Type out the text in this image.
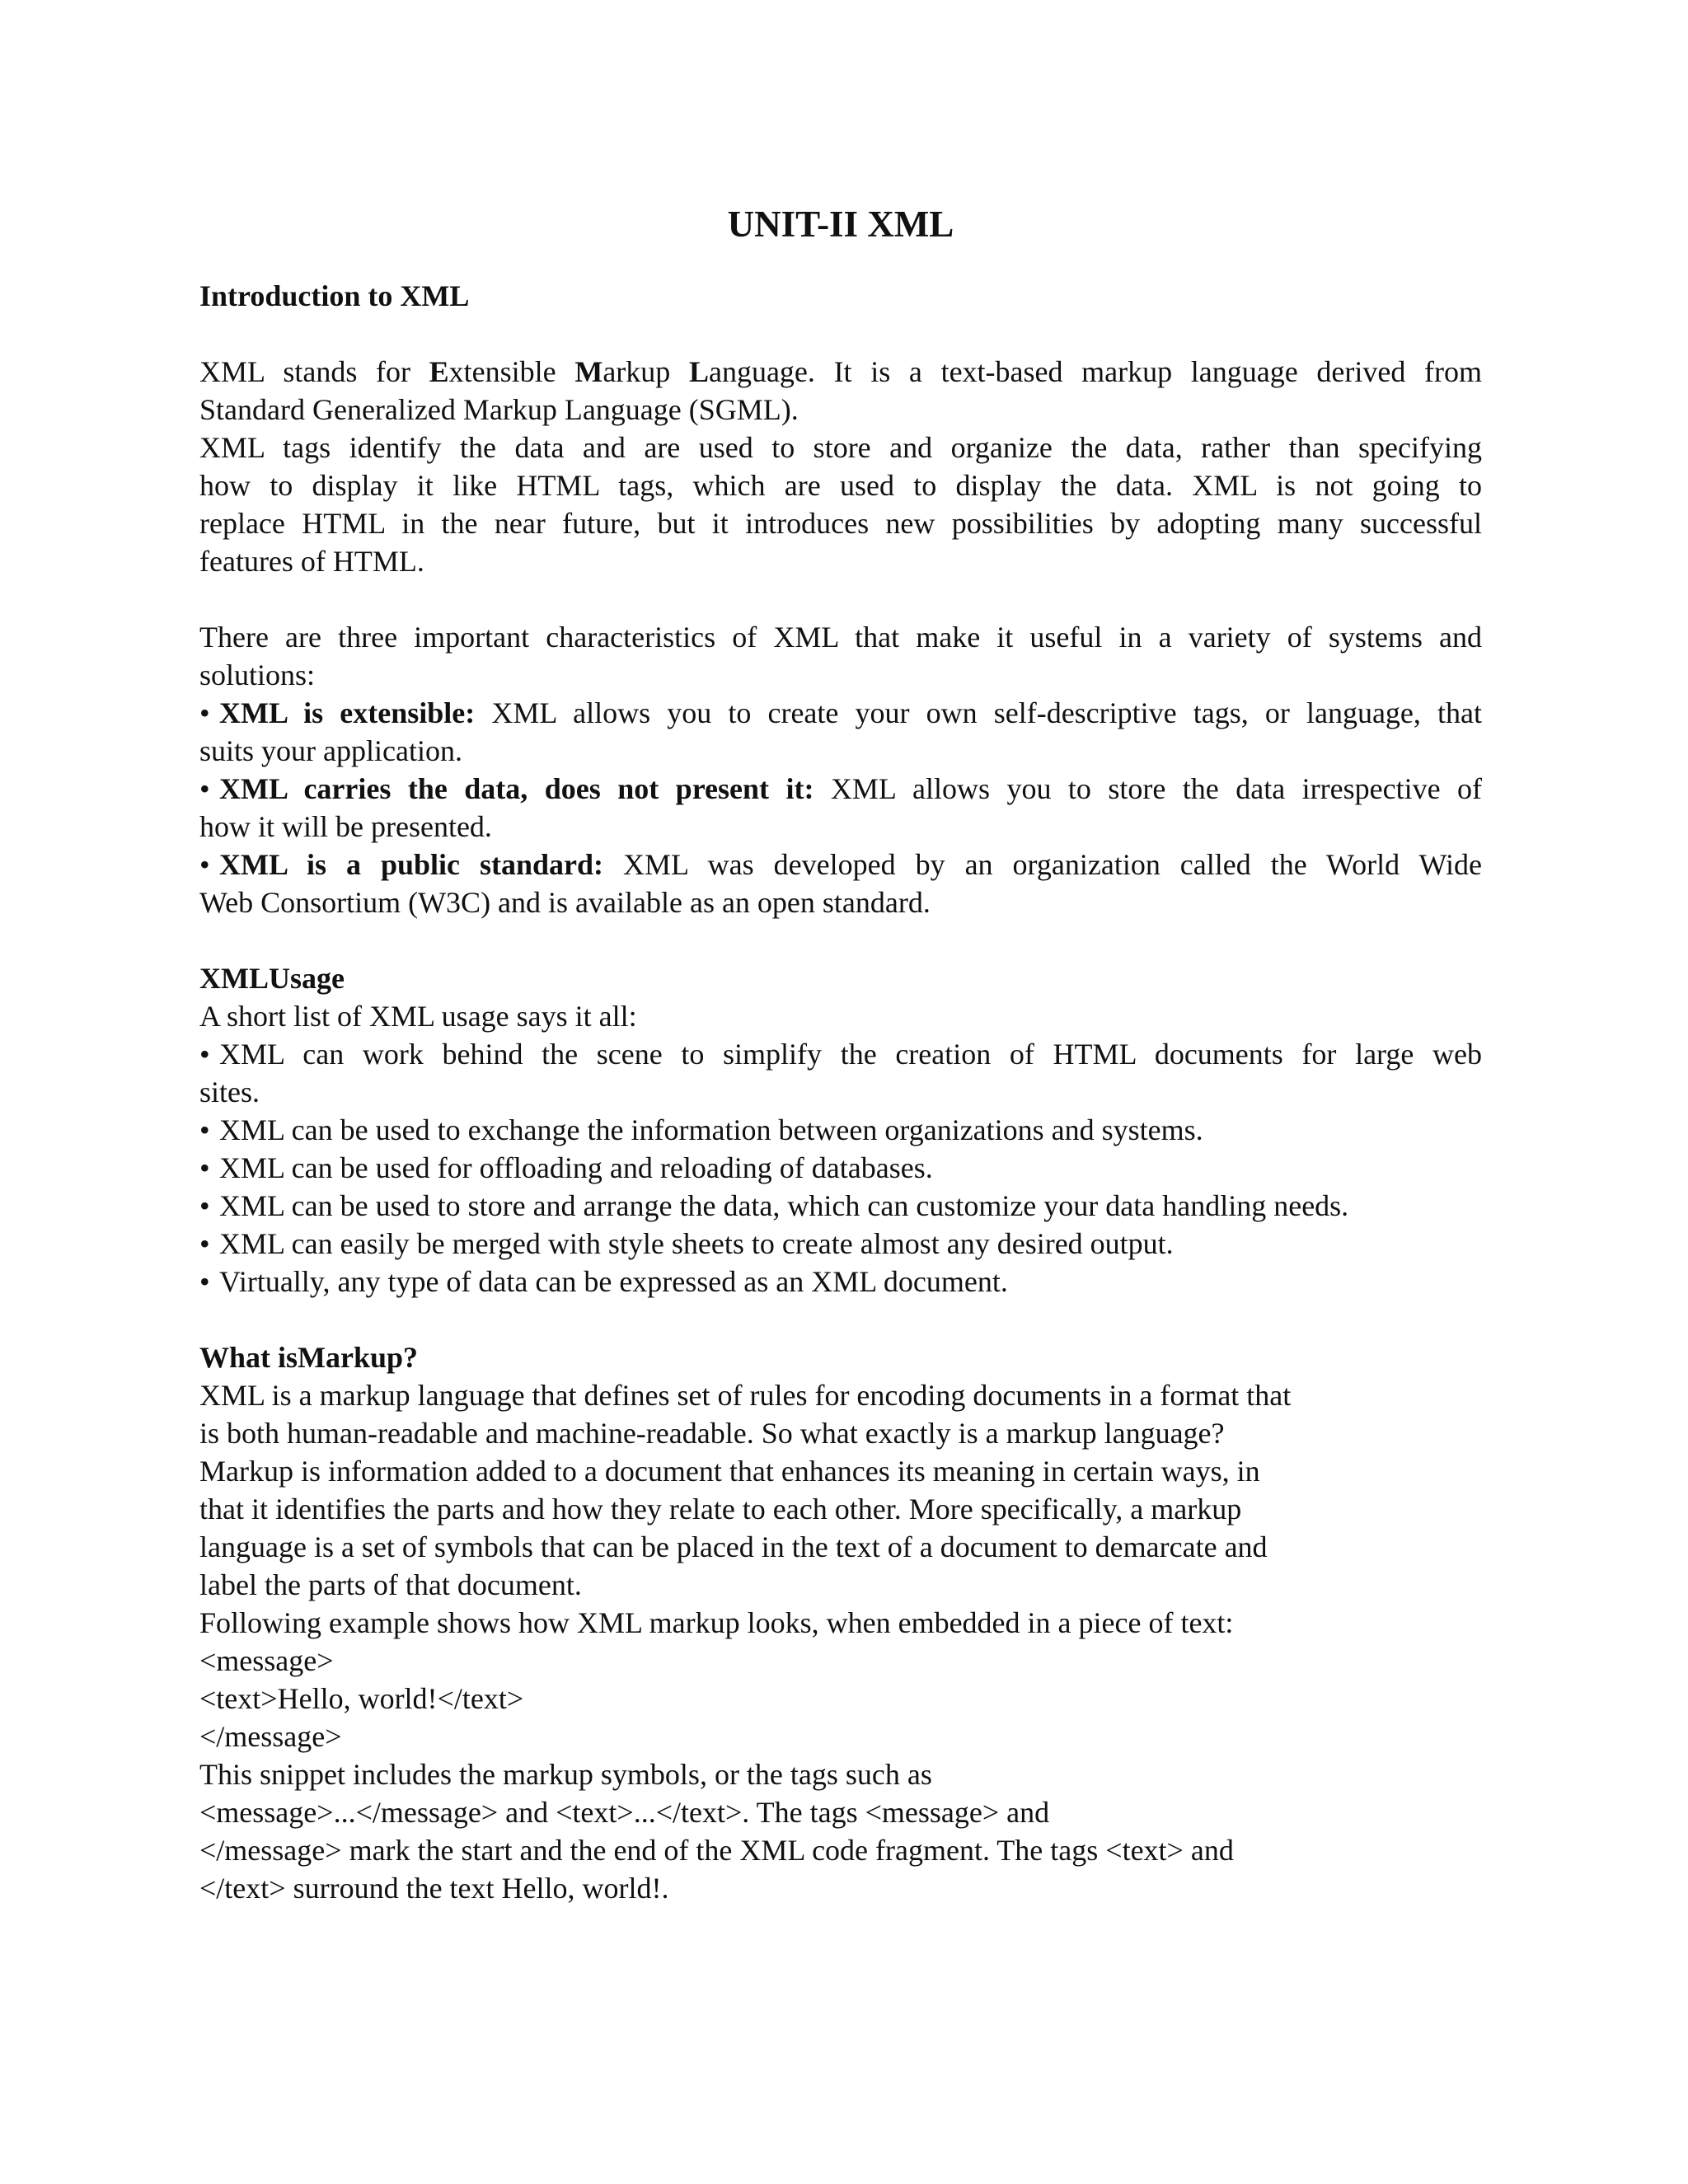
UNIT-II XML
Introduction to XML
XML stands for Extensible Markup Language. It is a text-based markup language derived from
Standard Generalized Markup Language (SGML).
XML tags identify the data and are used to store and organize the data, rather than specifying
how to display it like HTML tags, which are used to display the data. XML is not going to
replace HTML in the near future, but it introduces new possibilities by adopting many successful
features of HTML.
There are three important characteristics of XML that make it useful in a variety of systems and
solutions:
• XML is extensible: XML allows you to create your own self-descriptive tags, or language, that
suits your application.
• XML carries the data, does not present it: XML allows you to store the data irrespective of
how it will be presented.
• XML is a public standard: XML was developed by an organization called the World Wide
Web Consortium (W3C) and is available as an open standard.
XMLUsage
A short list of XML usage says it all:
• XML can work behind the scene to simplify the creation of HTML documents for large web
sites.
• XML can be used to exchange the information between organizations and systems.
• XML can be used for offloading and reloading of databases.
• XML can be used to store and arrange the data, which can customize your data handling needs.
• XML can easily be merged with style sheets to create almost any desired output.
• Virtually, any type of data can be expressed as an XML document.
What isMarkup?
XML is a markup language that defines set of rules for encoding documents in a format that
is both human-readable and machine-readable. So what exactly is a markup language?
Markup is information added to a document that enhances its meaning in certain ways, in
that it identifies the parts and how they relate to each other. More specifically, a markup
language is a set of symbols that can be placed in the text of a document to demarcate and
label the parts of that document.
Following example shows how XML markup looks, when embedded in a piece of text:
<message>
<text>Hello, world!</text>
</message>
This snippet includes the markup symbols, or the tags such as
<message>...</message> and <text>...</text>. The tags <message> and
</message> mark the start and the end of the XML code fragment. The tags <text> and
</text> surround the text Hello, world!.
